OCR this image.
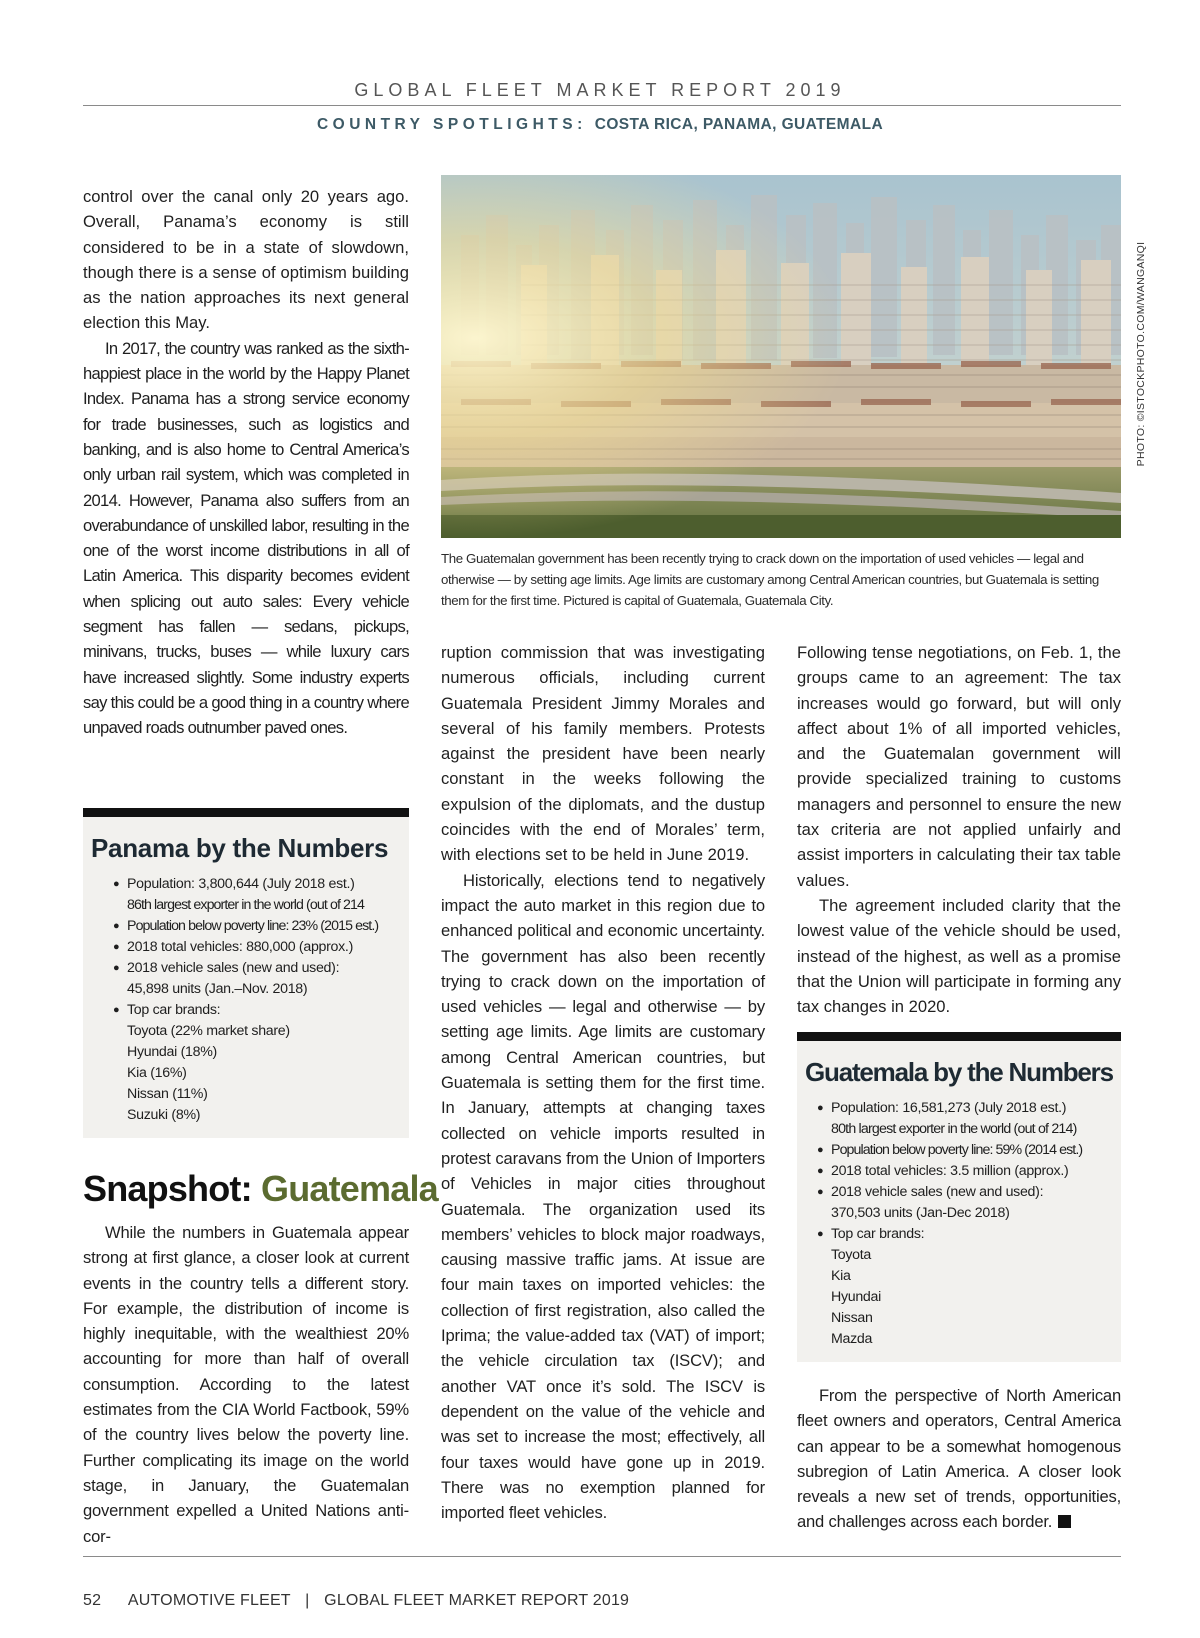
GLOBAL FLEET MARKET REPORT 2019
COUNTRY SPOTLIGHTS: COSTA RICA, PANAMA, GUATEMALA

control over the canal only 20 years ago. Overall, Panama’s economy is still considered to be in a state of slowdown, though there is a sense of optimism building as the nation approaches its next general election this May.

In 2017, the country was ranked as the sixth-happiest place in the world by the Happy Planet Index. Panama has a strong service economy for trade businesses, such as logistics and banking, and is also home to Central America’s only urban rail system, which was completed in 2014. However, Panama also suffers from an overabundance of unskilled labor, resulting in the one of the worst income distributions in all of Latin America. This disparity becomes evident when splicing out auto sales: Every vehicle segment has fallen — sedans, pickups, minivans, trucks, buses — while luxury cars have increased slightly. Some industry experts say this could be a good thing in a country where unpaved roads outnumber paved ones.

Panama by the Numbers
● Population: 3,800,644 (July 2018 est.)
86th largest exporter in the world (out of 214
● Population below poverty line: 23% (2015 est.)
● 2018 total vehicles: 880,000 (approx.)
● 2018 vehicle sales (new and used):
45,898 units (Jan.–Nov. 2018)
● Top car brands:
Toyota (22% market share)
Hyundai (18%)
Kia (16%)
Nissan (11%)
Suzuki (8%)
Snapshot: Guatemala

While the numbers in Guatemala appear strong at first glance, a closer look at current events in the country tells a different story. For example, the distribution of income is highly inequitable, with the wealthiest 20% accounting for more than half of overall consumption. According to the latest estimates from the CIA World Factbook, 59% of the country lives below the poverty line. Further complicating its image on the world stage, in January, the Guatemalan government expelled a United Nations anti-cor-

PHOTO: ©ISTOCKPHOTO.COM/WANGANQI
The Guatemalan government has been recently trying to crack down on the importation of used vehicles — legal and otherwise — by setting age limits. Age limits are customary among Central American countries, but Guatemala is setting them for the first time. Pictured is capital of Guatemala, Guatemala City.

ruption commission that was investigating numerous officials, including current Guatemala President Jimmy Morales and several of his family members. Protests against the president have been nearly constant in the weeks following the expulsion of the diplomats, and the dustup coincides with the end of Morales’ term, with elections set to be held in June 2019.

Historically, elections tend to negatively impact the auto market in this region due to enhanced political and economic uncertainty. The government has also been recently trying to crack down on the importation of used vehicles — legal and otherwise — by setting age limits. Age limits are customary among Central American countries, but Guatemala is setting them for the first time. In January, attempts at changing taxes collected on vehicle imports resulted in protest caravans from the Union of Importers of Vehicles in major cities throughout Guatemala. The organization used its members’ vehicles to block major roadways, causing massive traffic jams. At issue are four main taxes on imported vehicles: the collection of first registration, also called the Iprima; the value-added tax (VAT) of import; the vehicle circulation tax (ISCV); and another VAT once it’s sold. The ISCV is dependent on the value of the vehicle and was set to increase the most; effectively, all four taxes would have gone up in 2019. There was no exemption planned for imported fleet vehicles.

Following tense negotiations, on Feb. 1, the groups came to an agreement: The tax increases would go forward, but will only affect about 1% of all imported vehicles, and the Guatemalan government will provide specialized training to customs managers and personnel to ensure the new tax criteria are not applied unfairly and assist importers in calculating their tax table values.

The agreement included clarity that the lowest value of the vehicle should be used, instead of the highest, as well as a promise that the Union will participate in forming any tax changes in 2020.

Guatemala by the Numbers
● Population: 16,581,273 (July 2018 est.)
80th largest exporter in the world (out of 214)
● Population below poverty line: 59% (2014 est.)
● 2018 total vehicles: 3.5 million (approx.)
● 2018 vehicle sales (new and used):
370,503 units (Jan-Dec 2018)
● Top car brands:
Toyota
Kia
Hyundai
Nissan
Mazda

From the perspective of North American fleet owners and operators, Central America can appear to be a somewhat homogenous subregion of Latin America. A closer look reveals a new set of trends, opportunities, and challenges across each border.

52 AUTOMOTIVE FLEET | GLOBAL FLEET MARKET REPORT 2019
